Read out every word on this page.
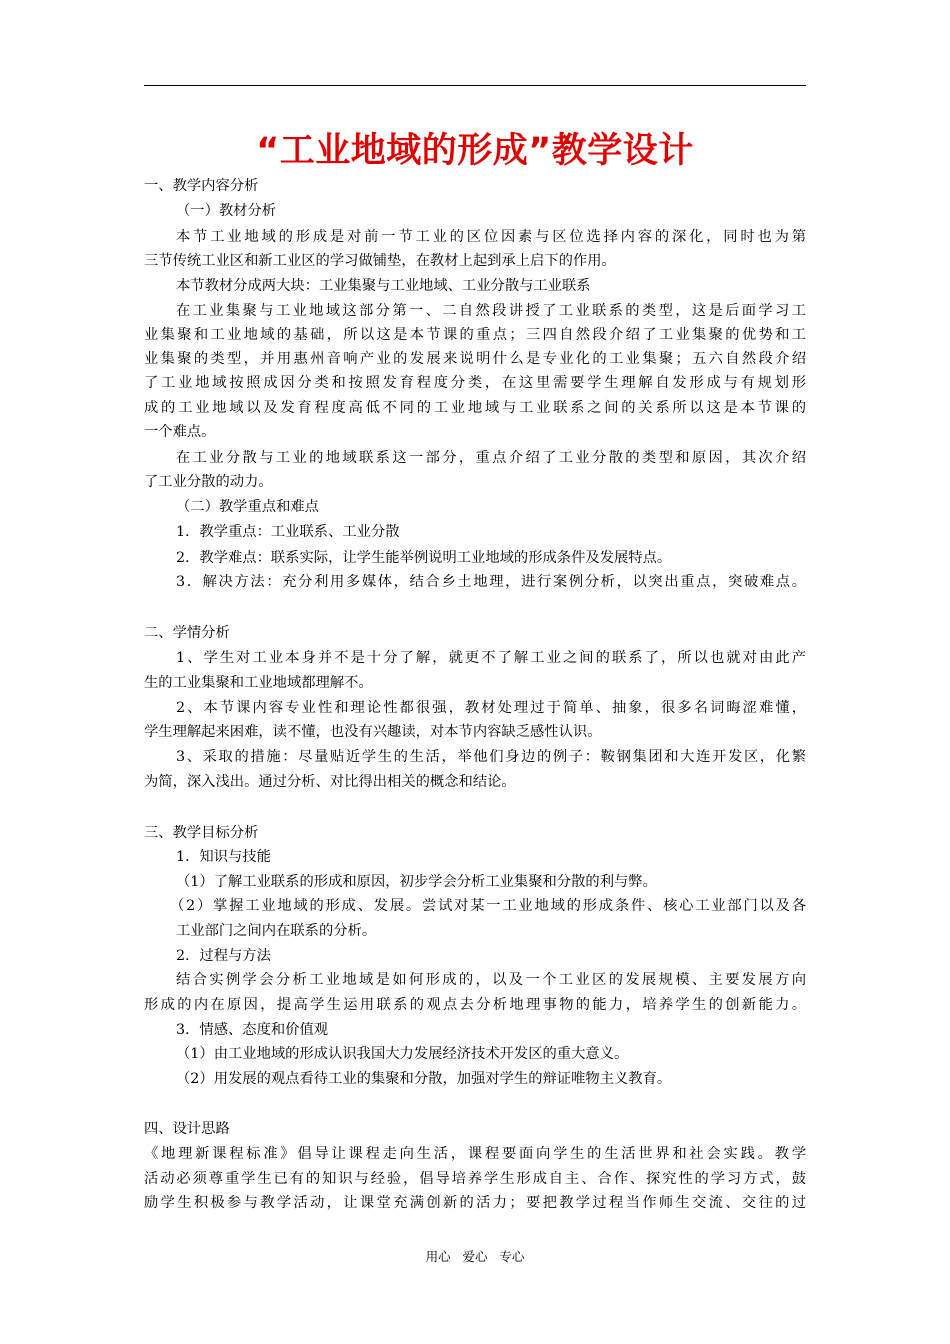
“工业地域的形成”教学设计
一、教学内容分析
（一）教材分析
本节工业地域的形成是对前一节工业的区位因素与区位选择内容的深化，同时也为第
三节传统工业区和新工业区的学习做铺垫，在教材上起到承上启下的作用。
本节教材分成两大块：工业集聚与工业地域、工业分散与工业联系
在工业集聚与工业地域这部分第一、二自然段讲授了工业联系的类型，这是后面学习工
业集聚和工业地域的基础，所以这是本节课的重点；三四自然段介绍了工业集聚的优势和工
业集聚的类型，并用惠州音响产业的发展来说明什么是专业化的工业集聚；五六自然段介绍
了工业地域按照成因分类和按照发育程度分类，在这里需要学生理解自发形成与有规划形
成的工业地域以及发育程度高低不同的工业地域与工业联系之间的关系所以这是本节课的
一个难点。
在工业分散与工业的地域联系这一部分，重点介绍了工业分散的类型和原因，其次介绍
了工业分散的动力。
（二）教学重点和难点
1．教学重点：工业联系、工业分散
2．教学难点：联系实际，让学生能举例说明工业地域的形成条件及发展特点。
3．解决方法：充分利用多媒体，结合乡土地理，进行案例分析，以突出重点，突破难点。
二、学情分析
1、学生对工业本身并不是十分了解，就更不了解工业之间的联系了，所以也就对由此产
生的工业集聚和工业地域都理解不。
2、本节课内容专业性和理论性都很强，教材处理过于简单、抽象，很多名词晦涩难懂，
学生理解起来困难，读不懂，也没有兴趣读，对本节内容缺乏感性认识。
3、采取的措施：尽量贴近学生的生活，举他们身边的例子：鞍钢集团和大连开发区，化繁
为简，深入浅出。通过分析、对比得出相关的概念和结论。
三、教学目标分析
1．知识与技能
（1）了解工业联系的形成和原因，初步学会分析工业集聚和分散的利与弊。
（2）掌握工业地域的形成、发展。尝试对某一工业地域的形成条件、核心工业部门以及各
工业部门之间内在联系的分析。
2．过程与方法
结合实例学会分析工业地域是如何形成的，以及一个工业区的发展规模、主要发展方向
形成的内在原因，提高学生运用联系的观点去分析地理事物的能力，培养学生的创新能力。
3．情感、态度和价值观
（1）由工业地域的形成认识我国大力发展经济技术开发区的重大意义。
（2）用发展的观点看待工业的集聚和分散，加强对学生的辩证唯物主义教育。
四、设计思路
《地理新课程标准》倡导让课程走向生活，课程要面向学生的生活世界和社会实践。教学
活动必须尊重学生已有的知识与经验，倡导培养学生形成自主、合作、探究性的学习方式，鼓
励学生积极参与教学活动，让课堂充满创新的活力；要把教学过程当作师生交流、交往的过
用心   爱心   专心
